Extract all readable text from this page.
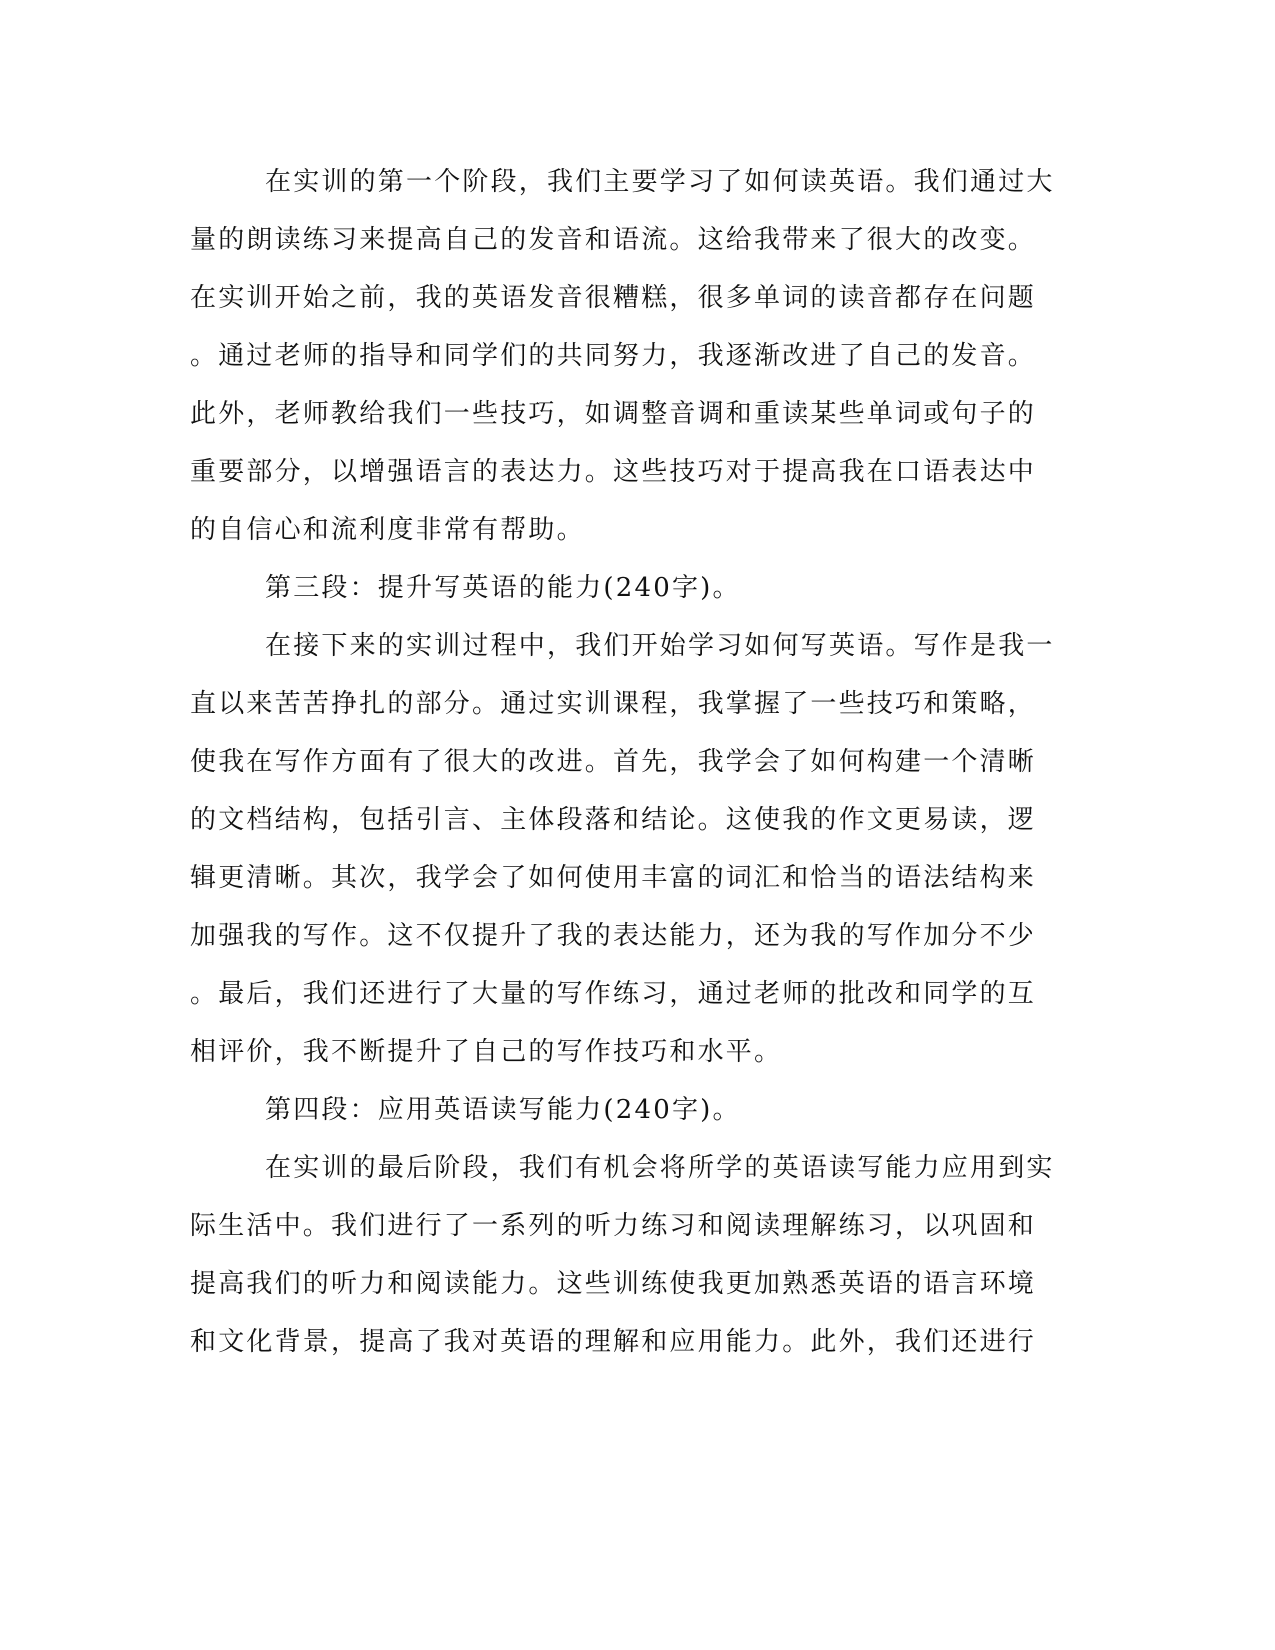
在实训的第一个阶段，我们主要学习了如何读英语。我们通过大
量的朗读练习来提高自己的发音和语流。这给我带来了很大的改变。
在实训开始之前，我的英语发音很糟糕，很多单词的读音都存在问题
。通过老师的指导和同学们的共同努力，我逐渐改进了自己的发音。
此外，老师教给我们一些技巧，如调整音调和重读某些单词或句子的
重要部分，以增强语言的表达力。这些技巧对于提高我在口语表达中
的自信心和流利度非常有帮助。
第三段：提升写英语的能力(240字)。
在接下来的实训过程中，我们开始学习如何写英语。写作是我一
直以来苦苦挣扎的部分。通过实训课程，我掌握了一些技巧和策略，
使我在写作方面有了很大的改进。首先，我学会了如何构建一个清晰
的文档结构，包括引言、主体段落和结论。这使我的作文更易读，逻
辑更清晰。其次，我学会了如何使用丰富的词汇和恰当的语法结构来
加强我的写作。这不仅提升了我的表达能力，还为我的写作加分不少
。最后，我们还进行了大量的写作练习，通过老师的批改和同学的互
相评价，我不断提升了自己的写作技巧和水平。
第四段：应用英语读写能力(240字)。
在实训的最后阶段，我们有机会将所学的英语读写能力应用到实
际生活中。我们进行了一系列的听力练习和阅读理解练习，以巩固和
提高我们的听力和阅读能力。这些训练使我更加熟悉英语的语言环境
和文化背景，提高了我对英语的理解和应用能力。此外，我们还进行
